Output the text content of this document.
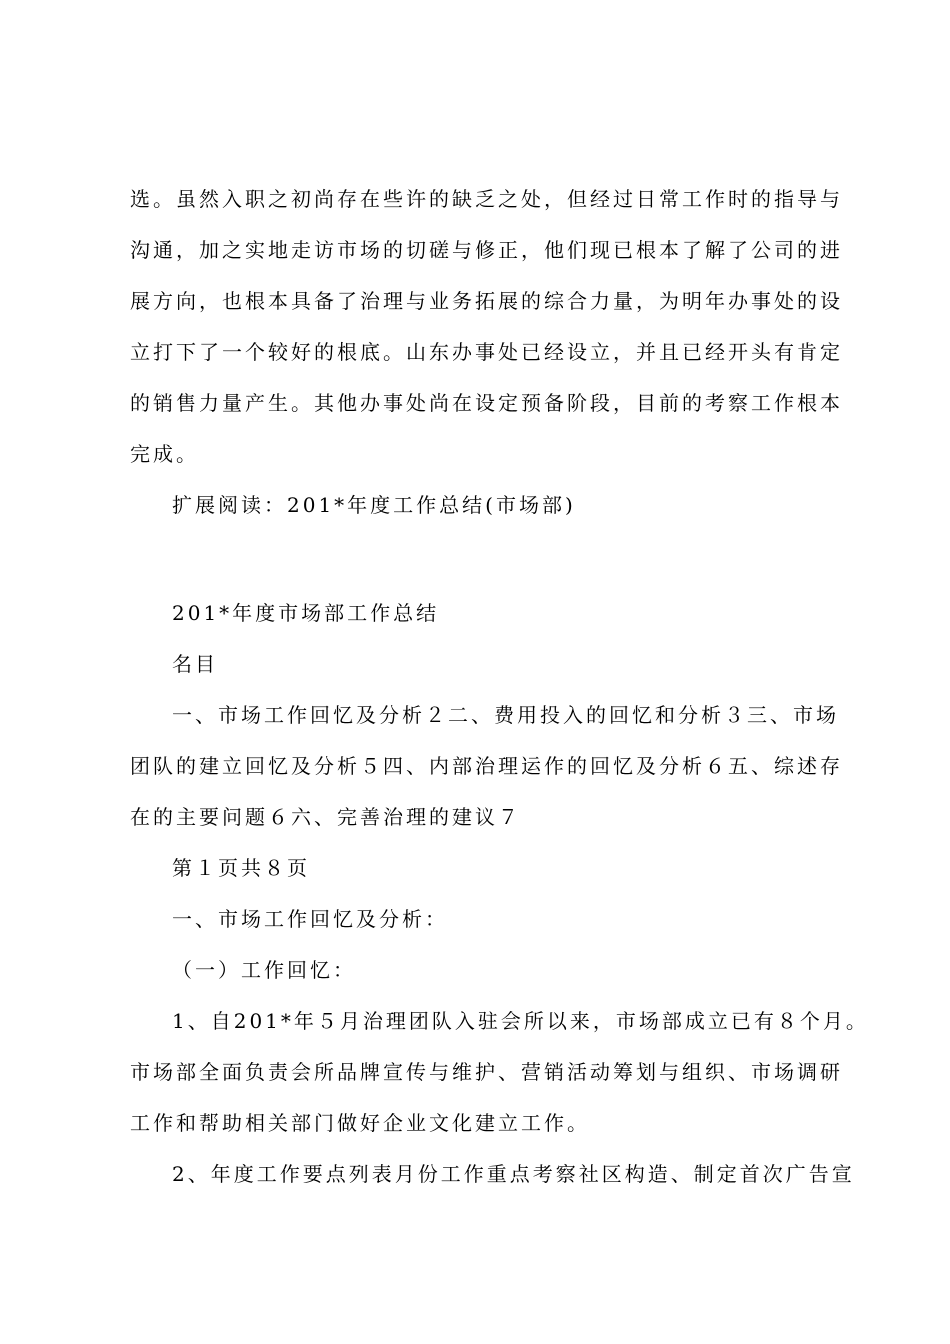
选。虽然入职之初尚存在些许的缺乏之处，但经过日常工作时的指导与
沟通，加之实地走访市场的切磋与修正，他们现已根本了解了公司的进
展方向，也根本具备了治理与业务拓展的综合力量，为明年办事处的设
立打下了一个较好的根底。山东办事处已经设立，并且已经开头有肯定
的销售力量产生。其他办事处尚在设定预备阶段，目前的考察工作根本
完成。
扩展阅读：201*年度工作总结(市场部)
201*年度市场部工作总结
名目
一、市场工作回忆及分析２二、费用投入的回忆和分析３三、市场
团队的建立回忆及分析５四、内部治理运作的回忆及分析６五、综述存
在的主要问题６六、完善治理的建议７
第１页共８页
一、市场工作回忆及分析：
（一）工作回忆：
1、自201*年５月治理团队入驻会所以来，市场部成立已有８个月。
市场部全面负责会所品牌宣传与维护、营销活动筹划与组织、市场调研
工作和帮助相关部门做好企业文化建立工作。
2、年度工作要点列表月份工作重点考察社区构造、制定首次广告宣
